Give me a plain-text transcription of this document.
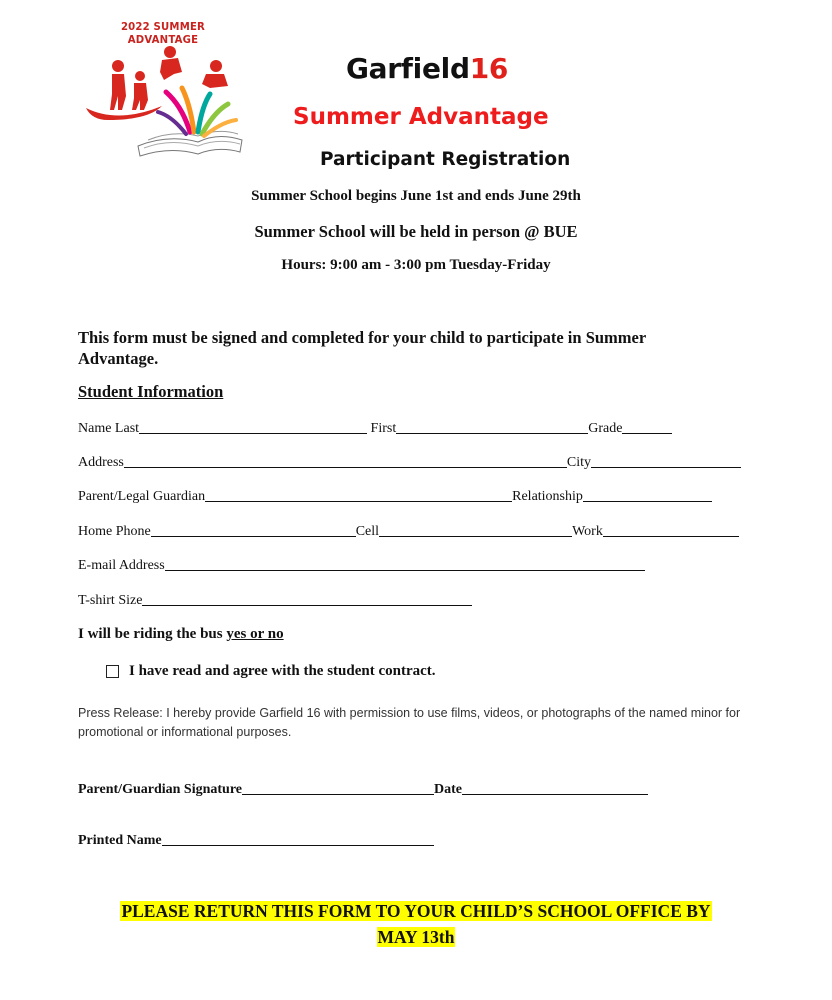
2022 SUMMER ADVANTAGE
Garfield16
Summer Advantage
Participant Registration
Summer School begins June 1st and ends June 29th
Summer School will be held in person @ BUE
Hours: 9:00 am - 3:00 pm Tuesday-Friday
This form must be signed and completed for your child to participate in Summer Advantage.
Student Information
Name Last	First	Grade
Address	City
Parent/Legal Guardian	Relationship
Home Phone	Cell	Work
E-mail Address
T-shirt Size
I will be riding the bus yes or no
I have read and agree with the student contract.
Press Release: I hereby provide Garfield 16 with permission to use films, videos, or photographs of the named minor for promotional or informational purposes.
Parent/Guardian Signature	Date
Printed Name
PLEASE RETURN THIS FORM TO YOUR CHILD’S SCHOOL OFFICE BY
MAY 13th
